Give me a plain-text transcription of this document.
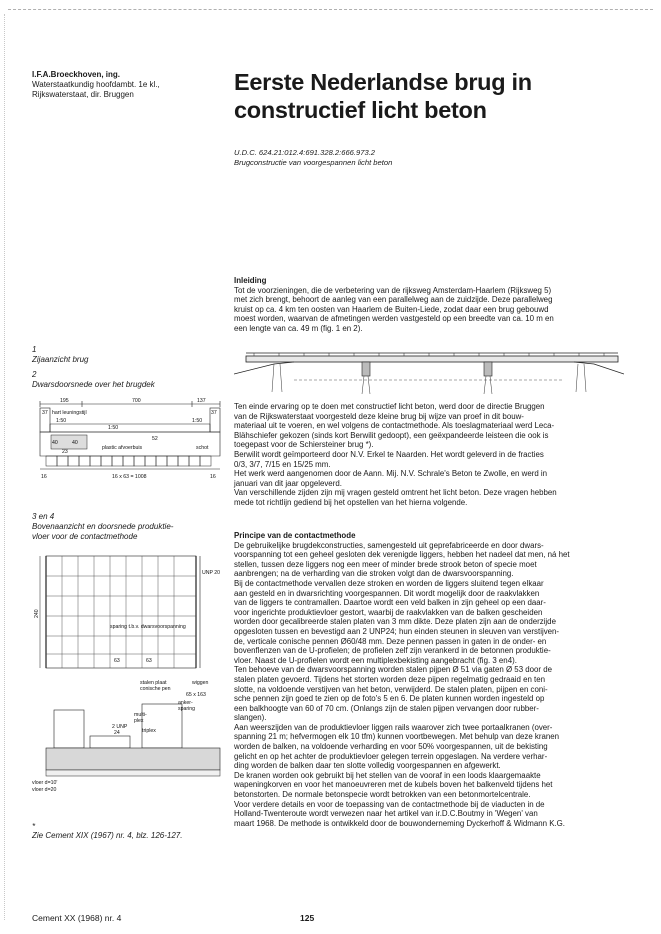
I.F.A.Broeckhoven, ing.
Waterstaatkundig hoofdambt. 1e kl.,
Rijkswaterstaat, dir. Bruggen	Eerste Nederlandse brug in
constructief licht beton
U.D.C. 624.21:012.4:691.328.2:666.973.2
Brugconstructie van voorgespannen licht beton
Inleiding

Tot de voorzieningen, die de verbetering van de rijksweg Amsterdam-Haarlem (Rijksweg 5)

met zich brengt, behoort de aanleg van een parallelweg aan de zuidzijde. Deze parallelweg

kruist op ca. 4 km ten oosten van Haarlem de Buiten-Liede, zodat daar een brug gebouwd

moest worden, waarvan de afmetingen werden vastgesteld op een breedte van ca. 10 m en

een lengte van ca. 49 m (fig. 1 en 2).

1
Zijaanzicht brug
2
Dwarsdoorsnede over het brugdek
195	700	137
37	37
hart leuningstijl
1:50
1:50
1:50
52
40	40
23
plastic afvoerbuis	schot
16	16
16 x 63 = 1008
3 en 4
Bovenaanzicht en doorsnede produktie-
vloer voor de contactmethode
240
UNP 20
sparing t.b.v. dwarsvoorspanning
63	63
stalen plaat
conische pen
wiggen
65 x 163
anker-
sparing
multi-
plex
2 UNP
24	triplex
vloer d=10'
vloer d=20

Ten einde ervaring op te doen met constructief licht beton, werd door de directie Bruggen

van de Rijkswaterstaat voorgesteld deze kleine brug bij wijze van proef in dit bouw-

materiaal uit te voeren, en wel volgens de contactmethode. Als toeslagmateriaal werd Leca-

Blähschiefer gekozen (sinds kort Berwilit gedoopt), een geëxpandeerde leisteen die ook is

toegepast voor de Schiersteiner brug *).

Berwilit wordt geïmporteerd door N.V. Erkel te Naarden. Het wordt geleverd in de fracties

0/3, 3/7, 7/15 en 15/25 mm.

Het werk werd aangenomen door de Aann. Mij. N.V. Schrale's Beton te Zwolle, en werd in

januari van dit jaar opgeleverd.

Van verschillende zijden zijn mij vragen gesteld omtrent het licht beton. Deze vragen hebben

mede tot richtlijn gediend bij het opstellen van het hierna volgende.

Principe van de contactmethode

De gebruikelijke brugdekconstructies, samengesteld uit geprefabriceerde en door dwars-

voorspanning tot een geheel gesloten dek verenigde liggers, hebben het nadeel dat men, ná het

stellen, tussen deze liggers nog een meer of minder brede strook beton of specie moet

aanbrengen; na de verharding van die stroken volgt dan de dwarsvoorspanning.

Bij de contactmethode vervallen deze stroken en worden de liggers sluitend tegen elkaar

aan gesteld en in dwarsrichting voorgespannen. Dit wordt mogelijk door de raakvlakken

van de liggers te contramallen. Daartoe wordt een veld balken in zijn geheel op een daar-

voor ingerichte produktievloer gestort, waarbij de raakvlakken van de balken gescheiden

worden door gecalibreerde stalen platen van 3 mm dikte. Deze platen zijn aan de onderzijde

opgesloten tussen en bevestigd aan 2 UNP24; hun einden steunen in sleuven van verstijven-

de, verticale conische pennen Ø60/48 mm. Deze pennen passen in gaten in de onder- en

bovenflenzen van de U-profielen; de profielen zelf zijn verankerd in de betonnen produktie-

vloer. Naast de U-profielen wordt een multiplexbekisting aangebracht (fig. 3 en4).

Ten behoeve van de dwarsvoorspanning worden stalen pijpen Ø 51 via gaten Ø 53 door de

stalen platen gevoerd. Tijdens het storten worden deze pijpen regelmatig gedraaid en ten

slotte, na voldoende verstijven van het beton, verwijderd. De stalen platen, pijpen en coni-

sche pennen zijn goed te zien op de foto's 5 en 6. De platen kunnen worden ingesteld op

een balkhoogte van 60 of 70 cm. (Onlangs zijn de stalen pijpen vervangen door rubber-

slangen).

Aan weerszijden van de produktievloer liggen rails waarover zich twee portaalkranen (over-

spanning 21 m; hefvermogen elk 10 tfm) kunnen voortbewegen. Met behulp van deze kranen

worden de balken, na voldoende verharding en voor 50% voorgespannen, uit de bekisting

gelicht en op het achter de produktievloer gelegen terrein opgeslagen. Na verdere verhar-

ding worden de balken daar ten slotte volledig voorgespannen en afgewerkt.

De kranen worden ook gebruikt bij het stellen van de vooraf in een loods klaargemaakte

wapeningkorven en voor het manoeuvreren met de kubels boven het balkenveld tijdens het

betonstorten. De normale betonspecie wordt betrokken van een betonmortelcentrale.

Voor verdere details en voor de toepassing van de contactmethode bij de viaducten in de

Holland-Twenteroute wordt verwezen naar het artikel van ir.D.C.Boutmy in 'Wegen' van

maart 1968. De methode is ontwikkeld door de bouwonderneming Dyckerhoff & Widmann K.G.

*
Zie Cement XIX (1967) nr. 4, blz. 126-127.
Cement XX (1968) nr. 4	125
